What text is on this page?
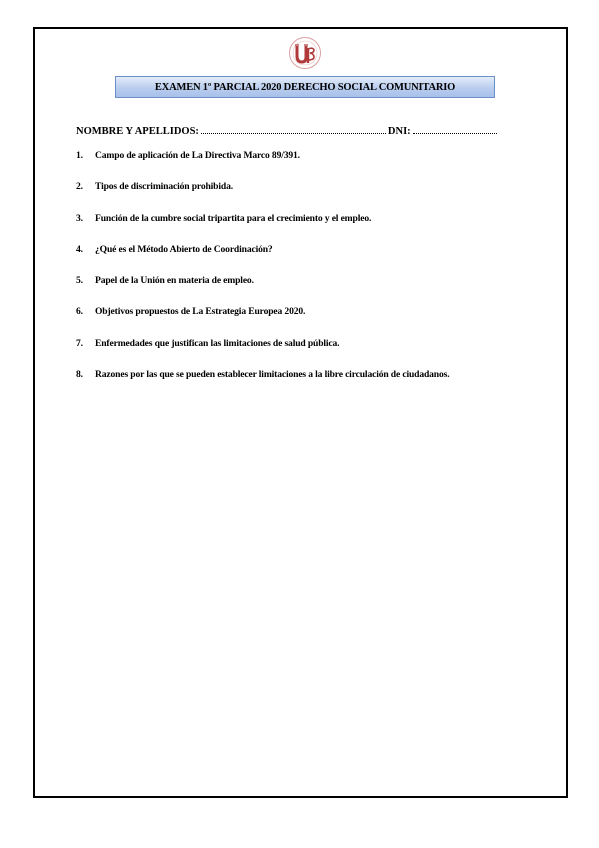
EXAMEN 1º PARCIAL 2020 DERECHO SOCIAL COMUNITARIO
NOMBRE Y APELLIDOS:	DNI:
1.	Campo de aplicación de La Directiva Marco 89/391.
2.	Tipos de discriminación prohibida.
3.	Función de la cumbre social tripartita para el crecimiento y el empleo.
4.	¿Qué es el Método Abierto de Coordinación?
5.	Papel de la Unión en materia de empleo.
6.	Objetivos propuestos de La Estrategia Europea 2020.
7.	Enfermedades que justifican las limitaciones de salud pública.
8.	Razones por las que se pueden establecer limitaciones a la libre circulación de ciudadanos.
